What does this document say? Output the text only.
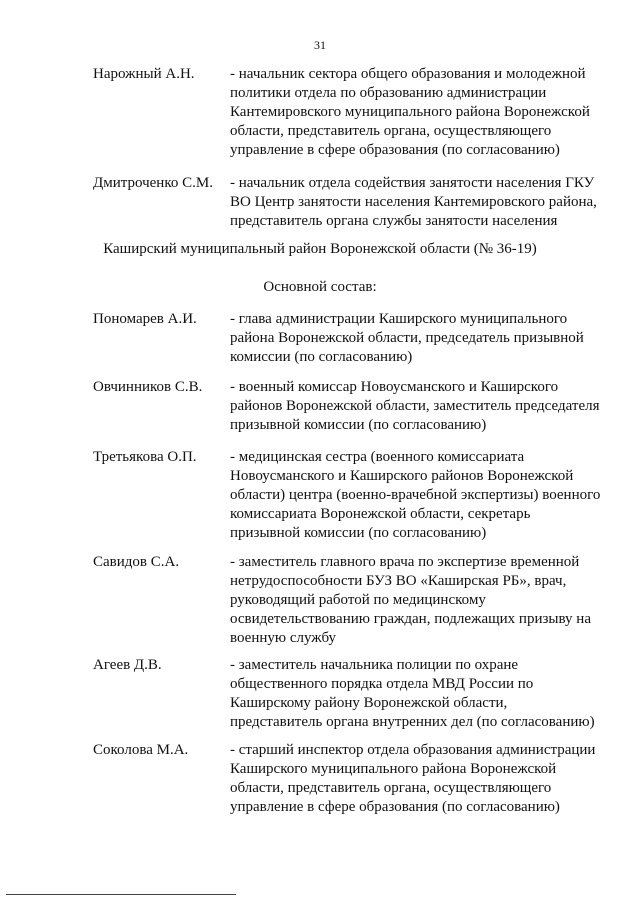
31
Нарожный А.Н.	- начальник сектора общего образования и молодежной
политики отдела по образованию администрации
Кантемировского муниципального района Воронежской
области, представитель органа, осуществляющего
управление в сфере образования (по согласованию)
Дмитроченко С.М.	- начальник отдела содействия занятости населения ГКУ
ВО Центр занятости населения Кантемировского района,
представитель органа службы занятости населения
Каширский муниципальный район Воронежской области (№ 36-19)
Основной состав:
Пономарев А.И.	- глава администрации Каширского муниципального
района Воронежской области, председатель призывной
комиссии (по согласованию)
Овчинников С.В.	- военный комиссар Новоусманского и Каширского
районов Воронежской области, заместитель председателя
призывной комиссии (по согласованию)
Третьякова О.П.	- медицинская сестра (военного комиссариата
Новоусманского и Каширского районов Воронежской
области) центра (военно-врачебной экспертизы) военного
комиссариата Воронежской области, секретарь
призывной комиссии (по согласованию)
Савидов С.А.	- заместитель главного врача по экспертизе временной
нетрудоспособности БУЗ ВО «Каширская РБ», врач,
руководящий работой по медицинскому
освидетельствованию граждан, подлежащих призыву на
военную службу
Агеев Д.В.	- заместитель начальника полиции по охране
общественного порядка отдела МВД России по
Каширскому району Воронежской области,
представитель органа внутренних дел (по согласованию)
Соколова М.А.	- старший инспектор отдела образования администрации
Каширского муниципального района Воронежской
области, представитель органа, осуществляющего
управление в сфере образования (по согласованию)
